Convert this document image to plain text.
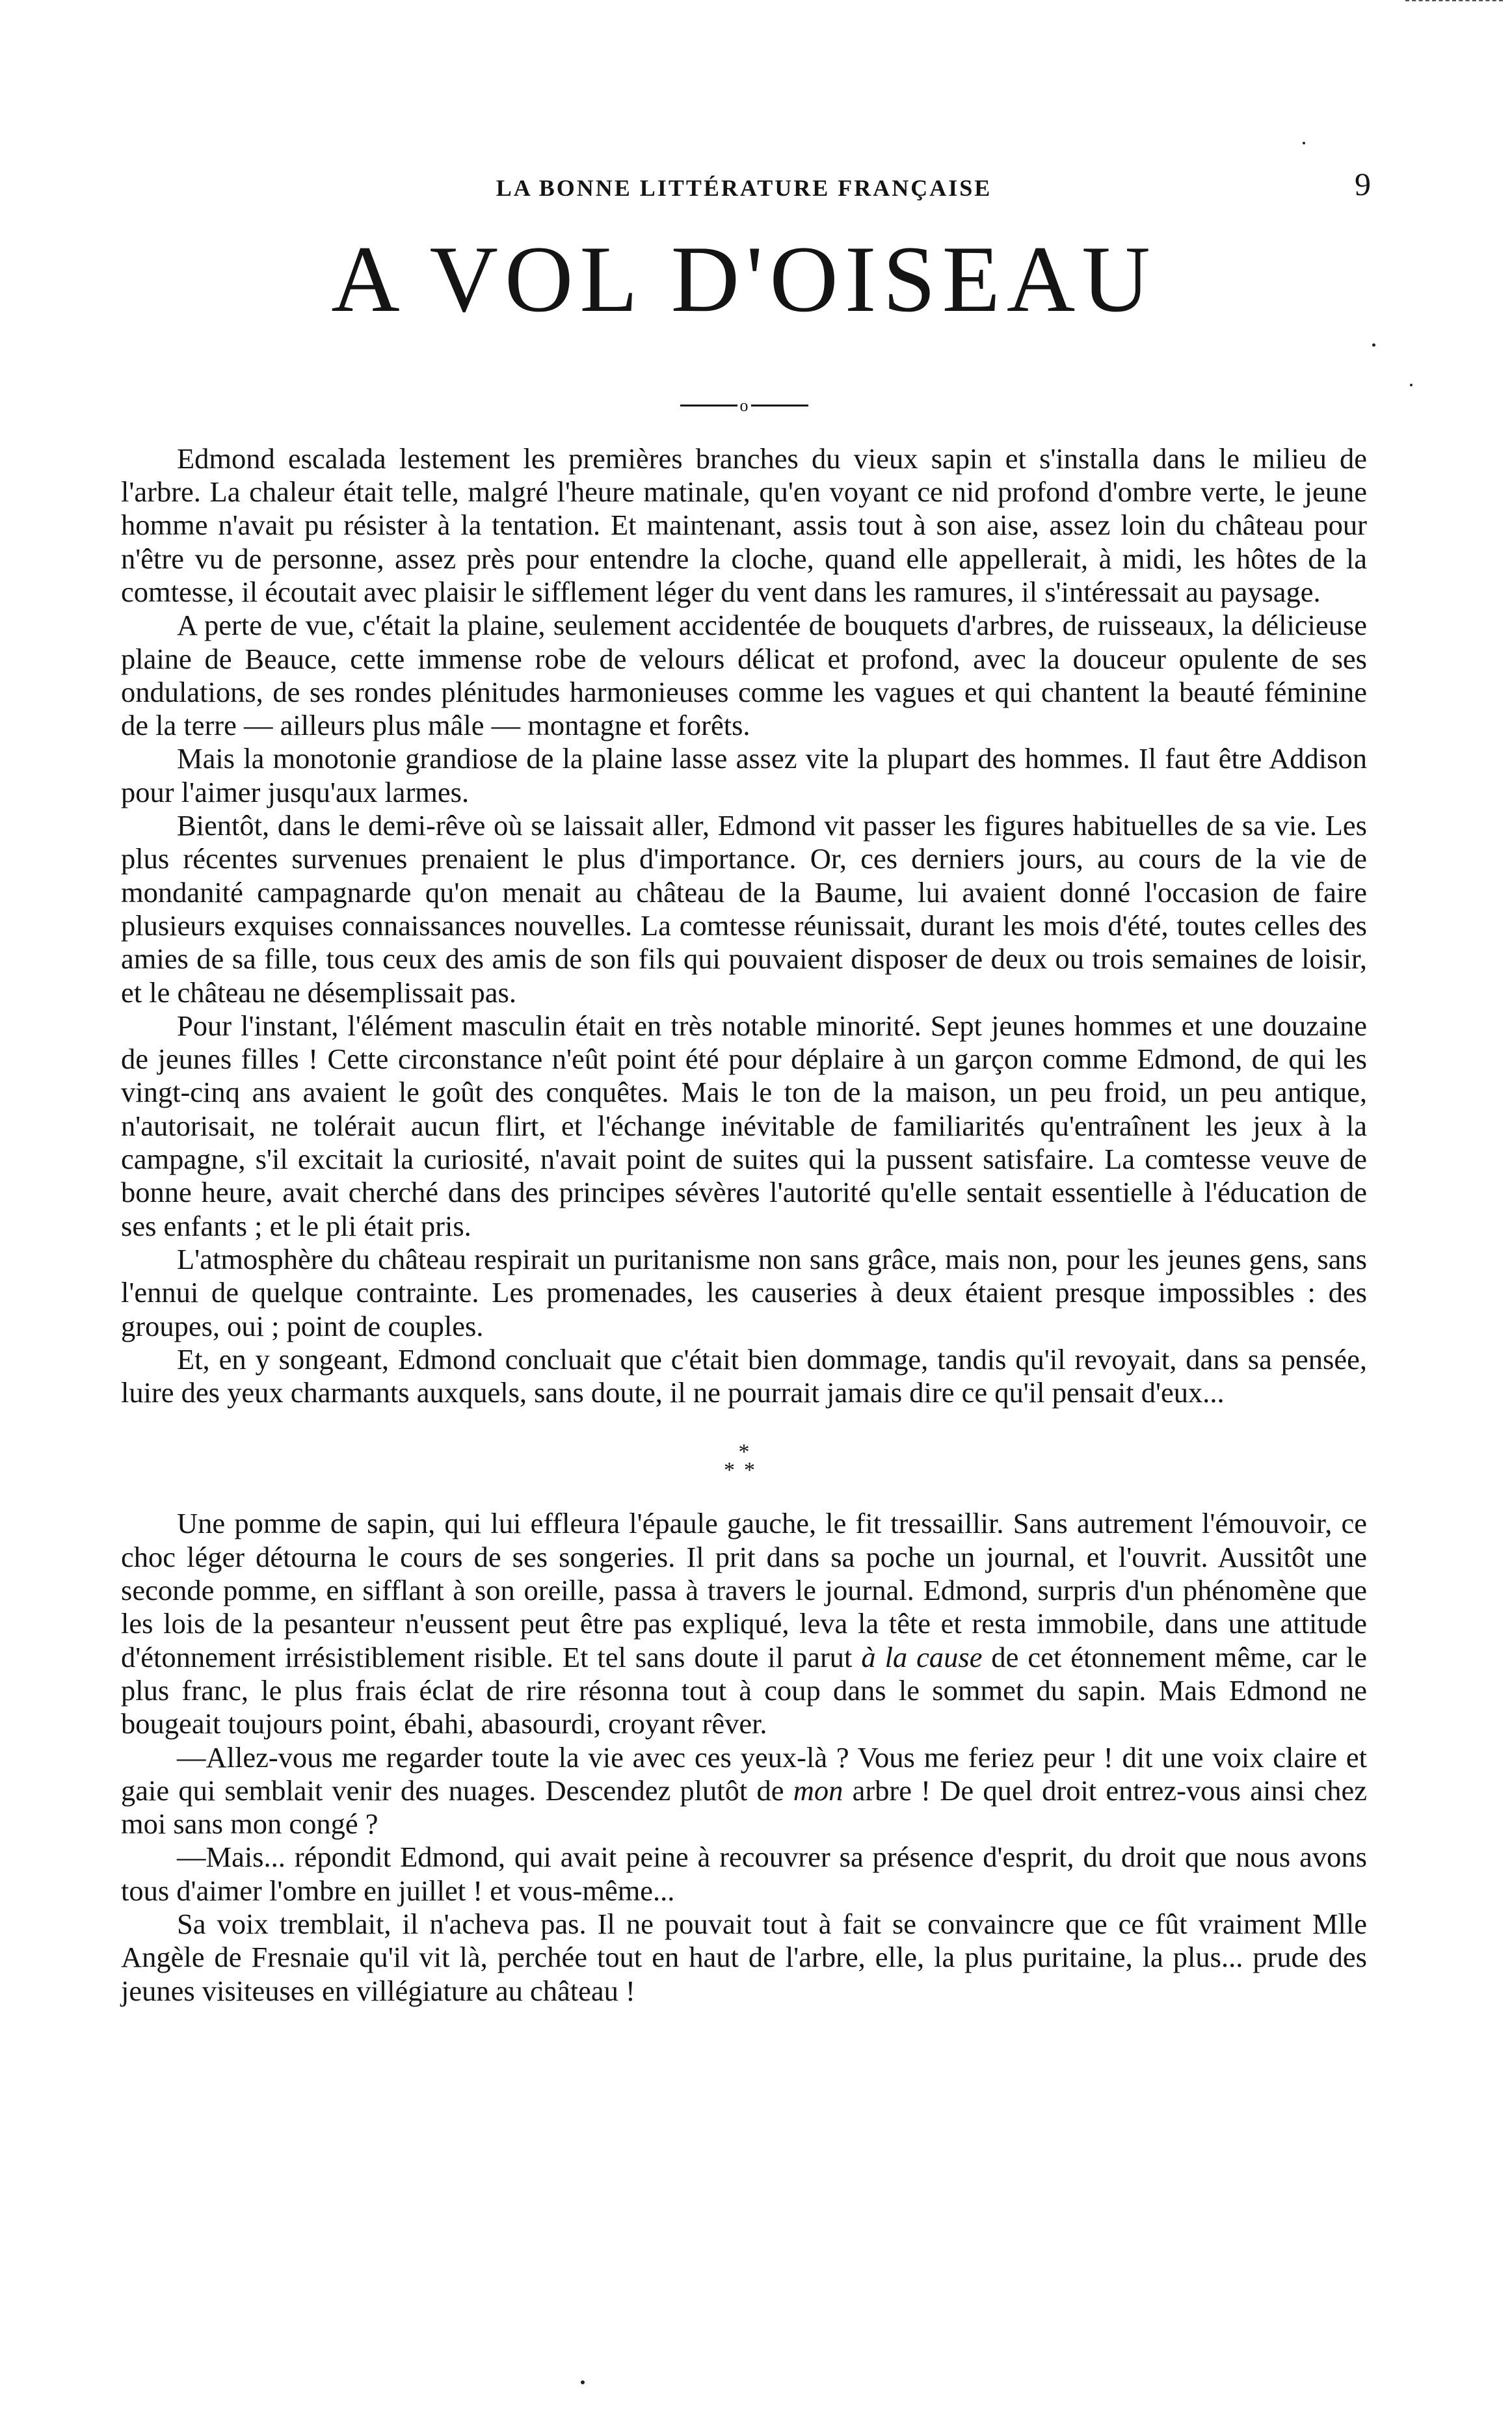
LA BONNE LITTÉRATURE FRANÇAISE	9
A VOL D'OISEAU
o

Edmond escalada lestement les premières branches du vieux sapin et s'installa dans le milieu de l'arbre. La chaleur était telle, malgré l'heure matinale, qu'en voyant ce nid profond d'ombre verte, le jeune homme n'avait pu résister à la tentation. Et maintenant, assis tout à son aise, assez loin du château pour n'être vu de personne, assez près pour entendre la cloche, quand elle appellerait, à midi, les hôtes de la comtesse, il écoutait avec plaisir le sifflement léger du vent dans les ramures, il s'intéressait au paysage.

A perte de vue, c'était la plaine, seulement accidentée de bouquets d'arbres, de ruisseaux, la délicieuse plaine de Beauce, cette immense robe de velours délicat et profond, avec la douceur opulente de ses ondulations, de ses rondes plénitudes harmonieuses comme les vagues et qui chantent la beauté féminine de la terre — ailleurs plus mâle — montagne et forêts.

Mais la monotonie grandiose de la plaine lasse assez vite la plupart des hommes. Il faut être Addison pour l'aimer jusqu'aux larmes.

Bientôt, dans le demi-rêve où se laissait aller, Edmond vit passer les figures habituelles de sa vie. Les plus récentes survenues prenaient le plus d'importance. Or, ces derniers jours, au cours de la vie de mondanité campagnarde qu'on menait au château de la Baume, lui avaient donné l'occasion de faire plusieurs exquises connaissances nouvelles. La comtesse réunissait, durant les mois d'été, toutes celles des amies de sa fille, tous ceux des amis de son fils qui pouvaient disposer de deux ou trois semaines de loisir, et le château ne désemplissait pas.

Pour l'instant, l'élément masculin était en très notable minorité. Sept jeunes hommes et une douzaine de jeunes filles ! Cette circonstance n'eût point été pour déplaire à un garçon comme Edmond, de qui les vingt-cinq ans avaient le goût des conquêtes. Mais le ton de la maison, un peu froid, un peu antique, n'autorisait, ne tolérait aucun flirt, et l'échange inévitable de familiarités qu'entraînent les jeux à la campagne, s'il excitait la curiosité, n'avait point de suites qui la pussent satisfaire. La comtesse veuve de bonne heure, avait cherché dans des principes sévères l'autorité qu'elle sentait essentielle à l'éducation de ses enfants ; et le pli était pris.

L'atmosphère du château respirait un puritanisme non sans grâce, mais non, pour les jeunes gens, sans l'ennui de quelque contrainte. Les promenades, les causeries à deux étaient presque impossibles : des groupes, oui ; point de couples.

Et, en y songeant, Edmond concluait que c'était bien dommage, tandis qu'il revoyait, dans sa pensée, luire des yeux charmants auxquels, sans doute, il ne pourrait jamais dire ce qu'il pensait d'eux...

*
**

Une pomme de sapin, qui lui effleura l'épaule gauche, le fit tressaillir. Sans autrement l'émouvoir, ce choc léger détourna le cours de ses songeries. Il prit dans sa poche un journal, et l'ouvrit. Aussitôt une seconde pomme, en sifflant à son oreille, passa à travers le journal. Edmond, surpris d'un phénomène que les lois de la pesanteur n'eussent peut être pas expliqué, leva la tête et resta immobile, dans une attitude d'étonnement irrésistiblement risible. Et tel sans doute il parut à la cause de cet étonnement même, car le plus franc, le plus frais éclat de rire résonna tout à coup dans le sommet du sapin. Mais Edmond ne bougeait toujours point, ébahi, abasourdi, croyant rêver.

—Allez-vous me regarder toute la vie avec ces yeux-là ? Vous me feriez peur ! dit une voix claire et gaie qui semblait venir des nuages. Descendez plutôt de mon arbre ! De quel droit entrez-vous ainsi chez moi sans mon congé ?

—Mais... répondit Edmond, qui avait peine à recouvrer sa présence d'esprit, du droit que nous avons tous d'aimer l'ombre en juillet ! et vous-même...

Sa voix tremblait, il n'acheva pas. Il ne pouvait tout à fait se convaincre que ce fût vraiment Mlle Angèle de Fresnaie qu'il vit là, perchée tout en haut de l'arbre, elle, la plus puritaine, la plus... prude des jeunes visiteuses en villégiature au château !
